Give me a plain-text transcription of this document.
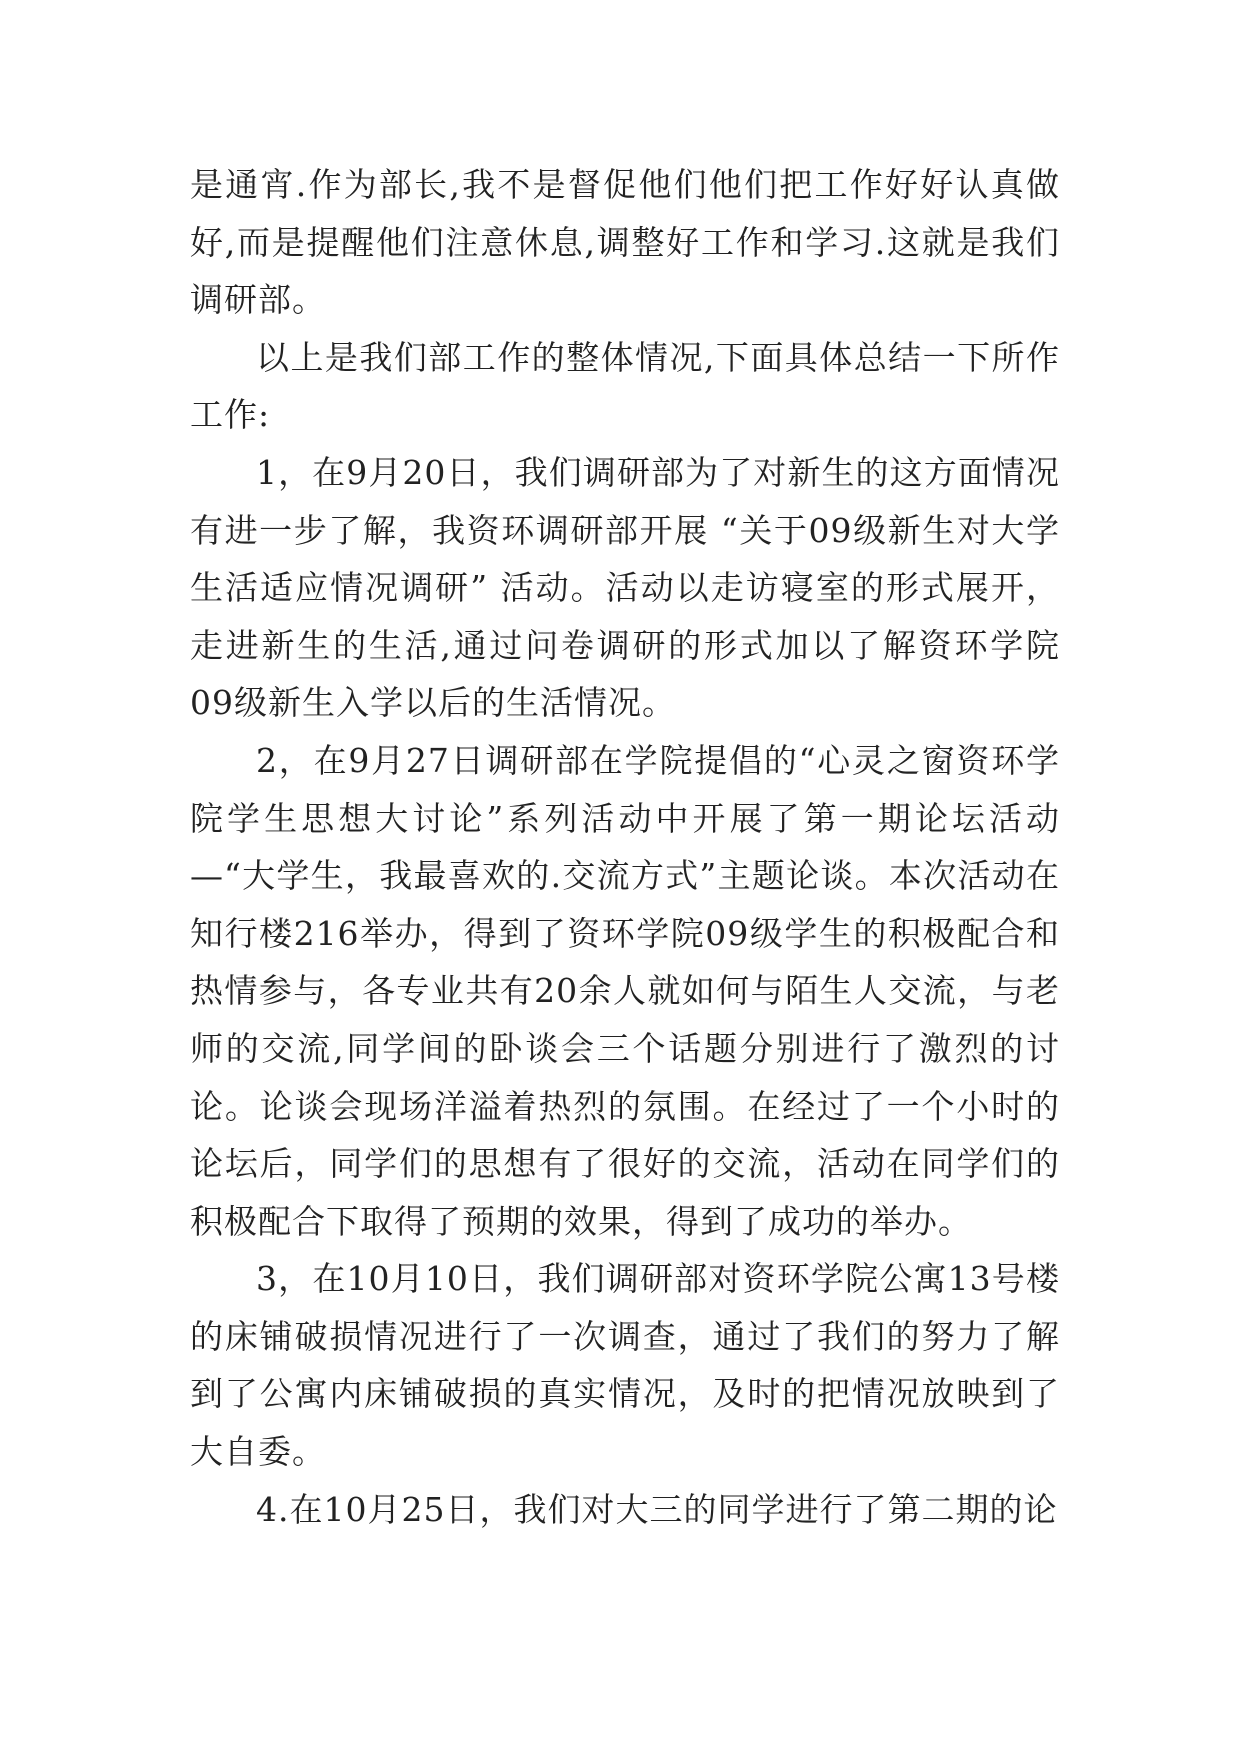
是通宵.作为部长,我不是督促他们他们把工作好好认真做好,而是提醒他们注意休息,调整好工作和学习.这就是我们调研部。

以上是我们部工作的整体情况,下面具体总结一下所作工作:

1，在9月20日，我们调研部为了对新生的这方面情况有进一步了解，我资环调研部开展 “关于09级新生对大学生活适应情况调研” 活动。活动以走访寝室的形式展开，走进新生的生活,通过问卷调研的形式加以了解资环学院09级新生入学以后的生活情况。

2，在9月27日调研部在学院提倡的“心灵之窗资环学院学生思想大讨论”系列活动中开展了第一期论坛活动—“大学生，我最喜欢的.交流方式”主题论谈。本次活动在知行楼216举办，得到了资环学院09级学生的积极配合和热情参与，各专业共有20余人就如何与陌生人交流，与老师的交流,同学间的卧谈会三个话题分别进行了激烈的讨论。论谈会现场洋溢着热烈的氛围。在经过了一个小时的论坛后，同学们的思想有了很好的交流，活动在同学们的积极配合下取得了预期的效果，得到了成功的举办。

3，在10月10日，我们调研部对资环学院公寓13号楼的床铺破损情况进行了一次调查，通过了我们的努力了解到了公寓内床铺破损的真实情况，及时的把情况放映到了大自委。

4.在10月25日，我们对大三的同学进行了第二期的论
